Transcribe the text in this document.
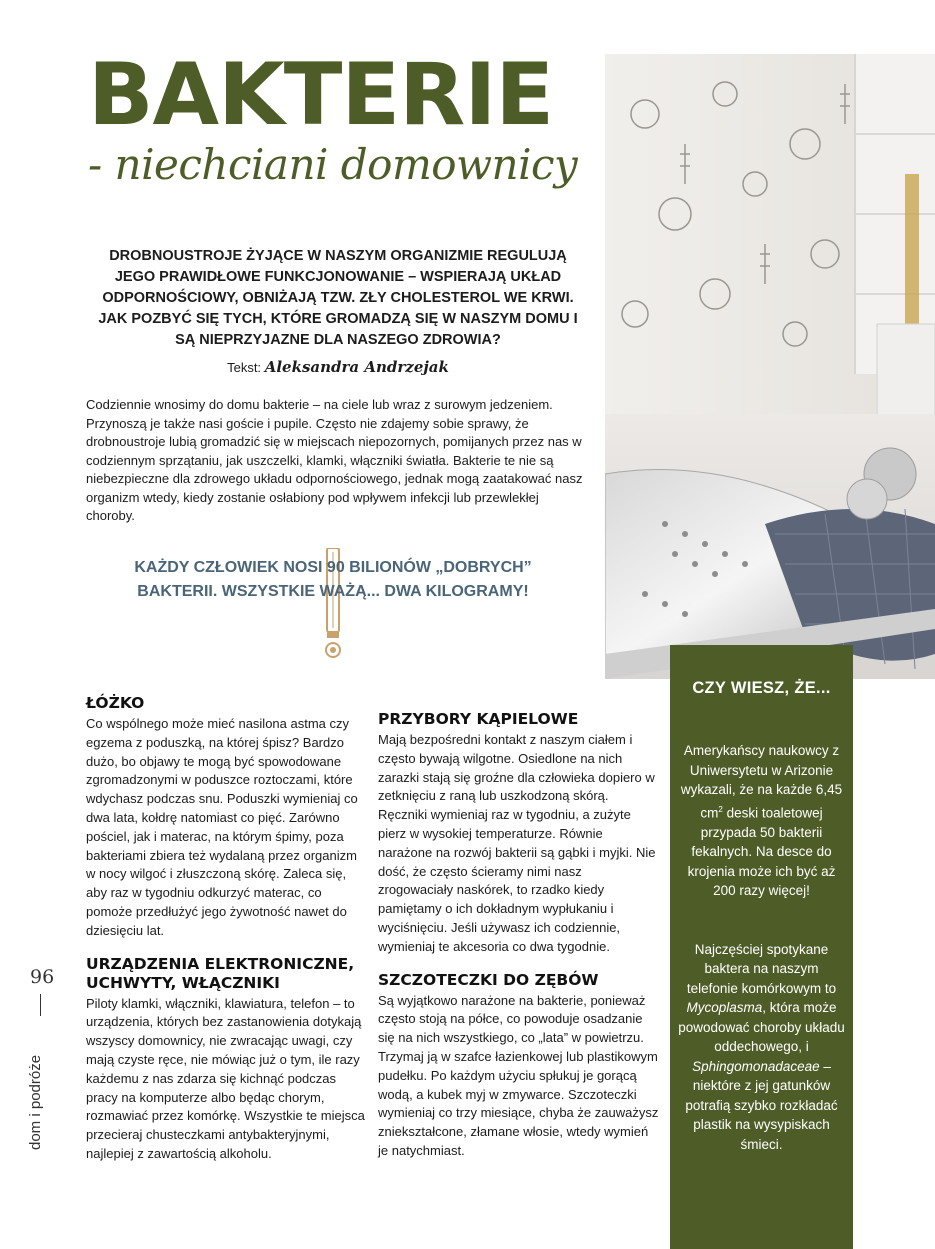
BAKTERIE
- niechciani domownicy
DROBNOUSTROJE ŻYJĄCE W NASZYM ORGANIZMIE REGULUJĄ JEGO PRAWIDŁOWE FUNKCJONOWANIE – WSPIERAJĄ UKŁAD ODPORNOŚCIOWY, OBNIŻAJĄ TZW. ZŁY CHOLESTEROL WE KRWI. JAK POZBYĆ SIĘ TYCH, KTÓRE GROMADZĄ SIĘ W NASZYM DOMU I SĄ NIEPRZYJAZNE DLA NASZEGO ZDROWIA?
Tekst: Aleksandra Andrzejak
Codziennie wnosimy do domu bakterie – na ciele lub wraz z surowym jedzeniem. Przynoszą je także nasi goście i pupile. Często nie zdajemy sobie sprawy, że drobnoustroje lubią gromadzić się w miejscach niepozornych, pomijanych przez nas w codziennym sprzątaniu, jak uszczelki, klamki, włączniki światła. Bakterie te nie są niebezpieczne dla zdrowego układu odpornościowego, jednak mogą zaatakować nasz organizm wtedy, kiedy zostanie osłabiony pod wpływem infekcji lub przewlekłej choroby.
KAŻDY CZŁOWIEK NOSI 90 BILIONÓW „DOBRYCH” BAKTERII. WSZYSTKIE WAŻĄ... DWA KILOGRAMY!
ŁÓŻKO

Co wspólnego może mieć nasilona astma czy egzema z poduszką, na której śpisz? Bardzo dużo, bo objawy te mogą być spowodowane zgromadzonymi w poduszce roztoczami, które wdychasz podczas snu. Poduszki wymieniaj co dwa lata, kołdrę natomiast co pięć. Zarówno pościel, jak i materac, na którym śpimy, poza bakteriami zbiera też wydalaną przez organizm w nocy wilgoć i złuszczoną skórę. Zaleca się, aby raz w tygodniu odkurzyć materac, co pomoże przedłużyć jego żywotność nawet do dziesięciu lat.

URZĄDZENIA ELEKTRONICZNE, UCHWYTY, WŁĄCZNIKI

Piloty klamki, włączniki, klawiatura, telefon – to urządzenia, których bez zastanowienia dotykają wszyscy domownicy, nie zwracając uwagi, czy mają czyste ręce, nie mówiąc już o tym, ile razy każdemu z nas zdarza się kichnąć podczas pracy na komputerze albo będąc chorym, rozmawiać przez komórkę. Wszystkie te miejsca przecieraj chusteczkami antybakteryjnymi, najlepiej z zawartością alkoholu.

PRZYBORY KĄPIELOWE

Mają bezpośredni kontakt z naszym ciałem i często bywają wilgotne. Osiedlone na nich zarazki stają się groźne dla człowieka dopiero w zetknięciu z raną lub uszkodzoną skórą. Ręczniki wymieniaj raz w tygodniu, a zużyte pierz w wysokiej temperaturze. Równie narażone na rozwój bakterii są gąbki i myjki. Nie dość, że często ścieramy nimi nasz zrogowaciały naskórek, to rzadko kiedy pamiętamy o ich dokładnym wypłukaniu i wyciśnięciu. Jeśli używasz ich codziennie, wymieniaj te akcesoria co dwa tygodnie.

SZCZOTECZKI DO ZĘBÓW

Są wyjątkowo narażone na bakterie, ponieważ często stoją na półce, co powoduje osadzanie się na nich wszystkiego, co „lata” w powietrzu. Trzymaj ją w szafce łazienkowej lub plastikowym pudełku. Po każdym użyciu spłukuj je gorącą wodą, a kubek myj w zmywarce. Szczoteczki wymieniaj co trzy miesiące, chyba że zauważysz zniekształcone, złamane włosie, wtedy wymień je natychmiast.

CZY WIESZ, ŻE...
Amerykańscy naukowcy z Uniwersytetu w Arizonie wykazali, że na każde 6,45 $cm^2$ deski toaletowej przypada 50 bakterii fekalnych. Na desce do krojenia może ich być aż 200 razy więcej!
Najczęściej spotykane baktera na naszym telefonie komórkowym to Mycoplasma, która może powodować choroby układu oddechowego, i Sphingomonadaceae – niektóre z jej gatunków potrafią szybko rozkładać plastik na wysypiskach śmieci.
96
dom i podróże
